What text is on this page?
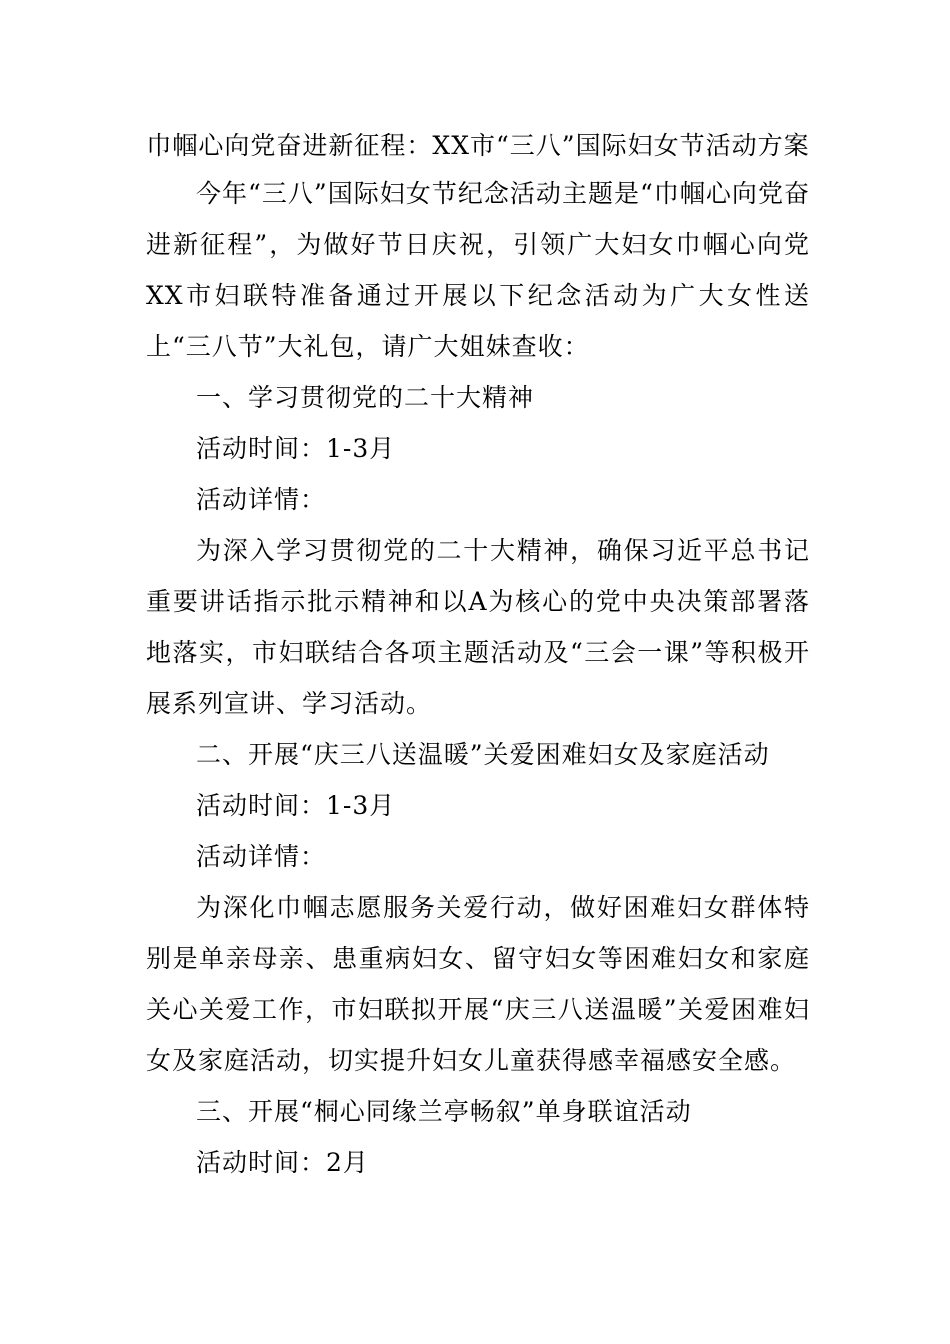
巾帼心向党奋进新征程：XX市“三八”国际妇女节活动方案

今年“三八”国际妇女节纪念活动主题是“巾帼心向党奋进新征程”，为做好节日庆祝，引领广大妇女巾帼心向党XX市妇联特准备通过开展以下纪念活动为广大女性送上“三八节”大礼包，请广大姐妹查收：

一、学习贯彻党的二十大精神

活动时间：1-3月

活动详情：

为深入学习贯彻党的二十大精神，确保习近平总书记重要讲话指示批示精神和以A为核心的党中央决策部署落地落实，市妇联结合各项主题活动及“三会一课”等积极开展系列宣讲、学习活动。

二、开展“庆三八送温暖”关爱困难妇女及家庭活动

活动时间：1-3月

活动详情：

为深化巾帼志愿服务关爱行动，做好困难妇女群体特别是单亲母亲、患重病妇女、留守妇女等困难妇女和家庭关心关爱工作，市妇联拟开展“庆三八送温暖”关爱困难妇女及家庭活动，切实提升妇女儿童获得感幸福感安全感。

三、开展“桐心同缘兰亭畅叙”单身联谊活动

活动时间：2月
